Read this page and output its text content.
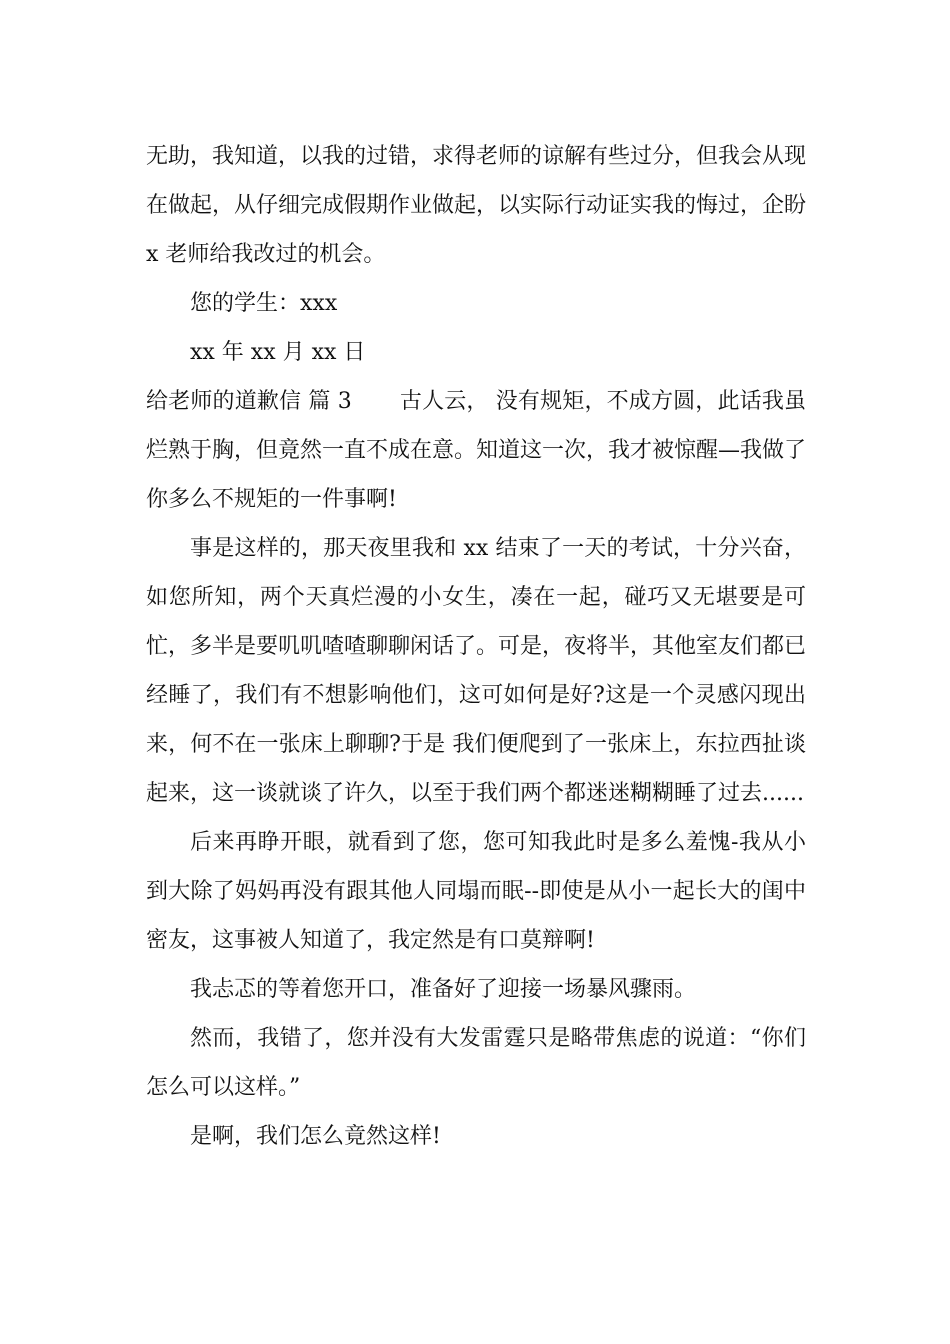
无助，我知道，以我的过错，求得老师的谅解有些过分，但我会从现在做起，从仔细完成假期作业做起，以实际行动证实我的悔过，企盼 x 老师给我改过的机会。

您的学生：xxx

xx 年 xx 月 xx 日

给老师的道歉信 篇 3 古人云， 没有规矩，不成方圆，此话我虽烂熟于胸，但竟然一直不成在意。知道这一次，我才被惊醒—我做了你多么不规矩的一件事啊!

事是这样的，那天夜里我和 xx 结束了一天的考试，十分兴奋，如您所知，两个天真烂漫的小女生，凑在一起，碰巧又无堪要是可忙，多半是要叽叽喳喳聊聊闲话了。可是，夜将半，其他室友们都已经睡了，我们有不想影响他们，这可如何是好?这是一个灵感闪现出来，何不在一张床上聊聊?于是 我们便爬到了一张床上，东拉西扯谈起来，这一谈就谈了许久，以至于我们两个都迷迷糊糊睡了过去......

后来再睁开眼，就看到了您，您可知我此时是多么羞愧-我从小到大除了妈妈再没有跟其他人同塌而眠--即使是从小一起长大的闺中密友，这事被人知道了，我定然是有口莫辩啊!

我忐忑的等着您开口，准备好了迎接一场暴风骤雨。

然而，我错了，您并没有大发雷霆只是略带焦虑的说道：“你们怎么可以这样。”

是啊，我们怎么竟然这样!
